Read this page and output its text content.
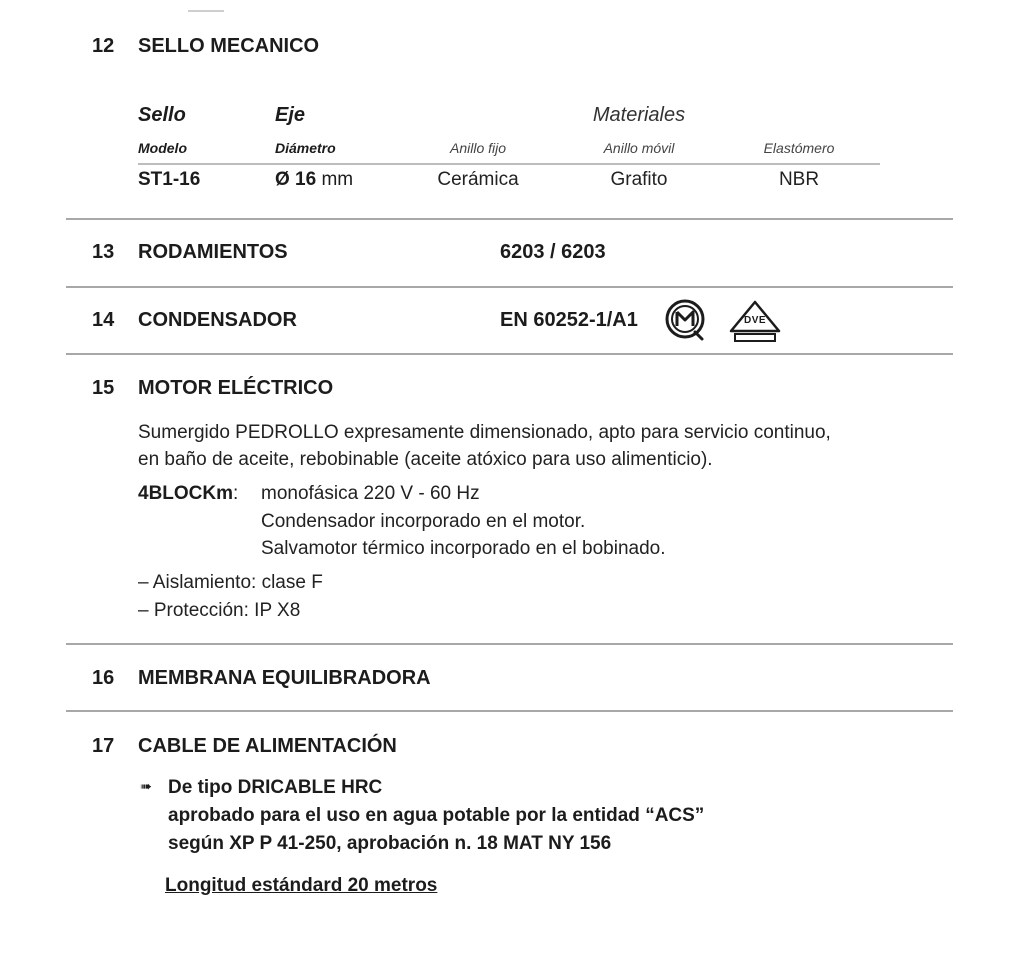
12 SELLO MECANICO
Sello	Eje	Materiales
Modelo	Diámetro	Anillo fijo	Anillo móvil	Elastómero
ST1-16	Ø 16 mm	Cerámica	Grafito	NBR
13 RODAMIENTOS	6203 / 6203
14 CONDENSADOR	EN 60252-1/A1	DVE
15 MOTOR ELÉCTRICO
Sumergido PEDROLLO expresamente dimensionado, apto para servicio continuo,
en baño de aceite, rebobinable (aceite atóxico para uso alimenticio).
4BLOCKm: monofásica 220 V - 60 Hz
Condensador incorporado en el motor.
Salvamotor térmico incorporado en el bobinado.
– Aislamiento: clase F
– Protección: IP X8
16 MEMBRANA EQUILIBRADORA
17 CABLE DE ALIMENTACIÓN
➠ De tipo DRICABLE HRC
aprobado para el uso en agua potable por la entidad “ACS”
según XP P 41-250, aprobación n. 18 MAT NY 156
Longitud estándard 20 metros
